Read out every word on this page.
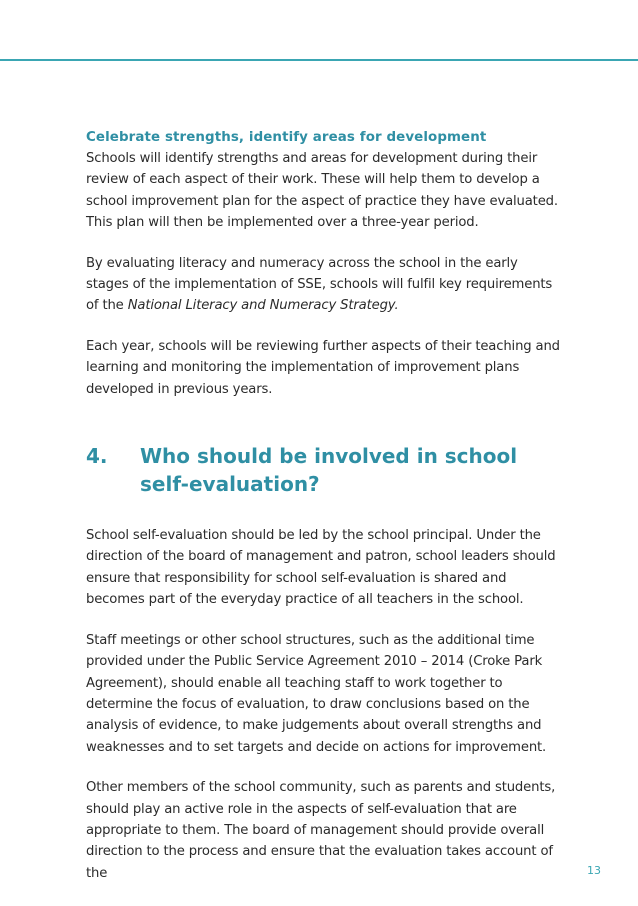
Celebrate strengths, identify areas for development

Schools will identify strengths and areas for development during their review of each aspect of their work. These will help them to develop a school improvement plan for the aspect of practice they have evaluated. This plan will then be implemented over a three-year period.

By evaluating literacy and numeracy across the school in the early stages of the implementation of SSE, schools will fulfil key requirements of the National Literacy and Numeracy Strategy.

Each year, schools will be reviewing further aspects of their teaching and learning and monitoring the implementation of improvement plans developed in previous years.

4.	Who should be involved in school self-evaluation?

School self-evaluation should be led by the school principal. Under the direction of the board of management and patron, school leaders should ensure that responsibility for school self-evaluation is shared and becomes part of the everyday practice of all teachers in the school.

Staff meetings or other school structures, such as the additional time provided under the Public Service Agreement 2010 – 2014 (Croke Park Agreement), should enable all teaching staff to work together to determine the focus of evaluation, to draw conclusions based on the analysis of evidence, to make judgements about overall strengths and weaknesses and to set targets and decide on actions for improvement.

Other members of the school community, such as parents and students, should play an active role in the aspects of self-evaluation that are appropriate to them. The board of management should provide overall direction to the process and ensure that the evaluation takes account of the	13
